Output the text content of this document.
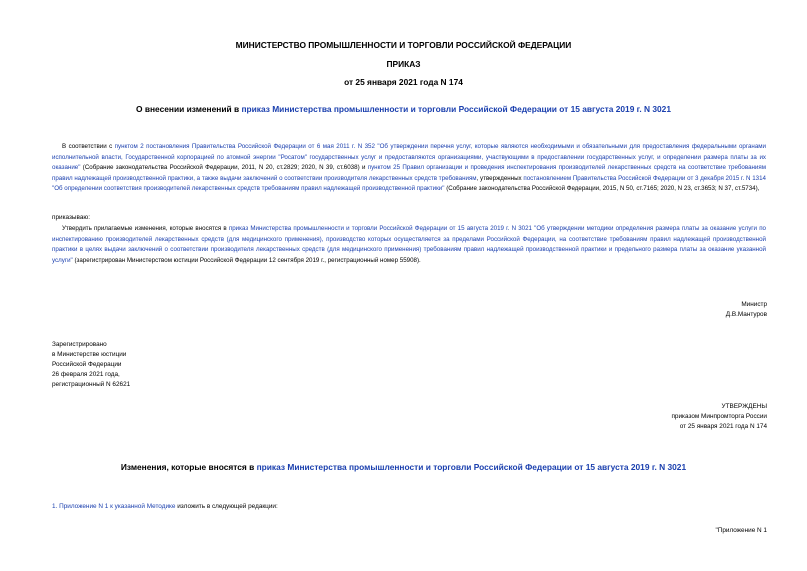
МИНИСТЕРСТВО ПРОМЫШЛЕННОСТИ И ТОРГОВЛИ РОССИЙСКОЙ ФЕДЕРАЦИИ
ПРИКАЗ
от 25 января 2021 года N 174
О внесении изменений в приказ Министерства промышленности и торговли Российской Федерации от 15 августа 2019 г. N 3021
В соответствии с пунктом 2 постановления Правительства Российской Федерации от 6 мая 2011 г. N 352 "Об утверждении перечня услуг, которые являются необходимыми и обязательными для предоставления федеральными органами исполнительной власти, Государственной корпорацией по атомной энергии "Росатом" государственных услуг и предоставляются организациями, участвующими в предоставлении государственных услуг, и определении размера платы за их оказание" (Собрание законодательства Российской Федерации, 2011, N 20, ст.2829; 2020, N 39, ст.6038) и пунктом 25 Правил организации и проведения инспектирования производителей лекарственных средств на соответствие требованиям правил надлежащей производственной практики, а также выдачи заключений о соответствии производителя лекарственных средств требованиям, утвержденных постановлением Правительства Российской Федерации от 3 декабря 2015 г. N 1314 "Об определении соответствия производителей лекарственных средств требованиям правил надлежащей производственной практики" (Собрание законодательства Российской Федерации, 2015, N 50, ст.7165; 2020, N 23, ст.3653; N 37, ст.5734),
приказываю:
Утвердить прилагаемые изменения, которые вносятся в приказ Министерства промышленности и торговли Российской Федерации от 15 августа 2019 г. N 3021 "Об утверждении методики определения размера платы за оказание услуги по инспектированию производителей лекарственных средств (для медицинского применения), производство которых осуществляется за пределами Российской Федерации, на соответствие требованиям правил надлежащей производственной практики в целях выдачи заключений о соответствии производителя лекарственных средств (для медицинского применения) требованиям правил надлежащей производственной практики и предельного размера платы за оказание указанной услуги" (зарегистрирован Министерством юстиции Российской Федерации 12 сентября 2019 г., регистрационный номер 55908).
Министр
Д.В.Мантуров
Зарегистрировано
в Министерстве юстиции
Российской Федерации
26 февраля 2021 года,
регистрационный N 62621
УТВЕРЖДЕНЫ
приказом Минпромторга России
от 25 января 2021 года N 174
Изменения, которые вносятся в приказ Министерства промышленности и торговли Российской Федерации от 15 августа 2019 г. N 3021
1. Приложение N 1 к указанной Методике изложить в следующей редакции:
"Приложение N 1
